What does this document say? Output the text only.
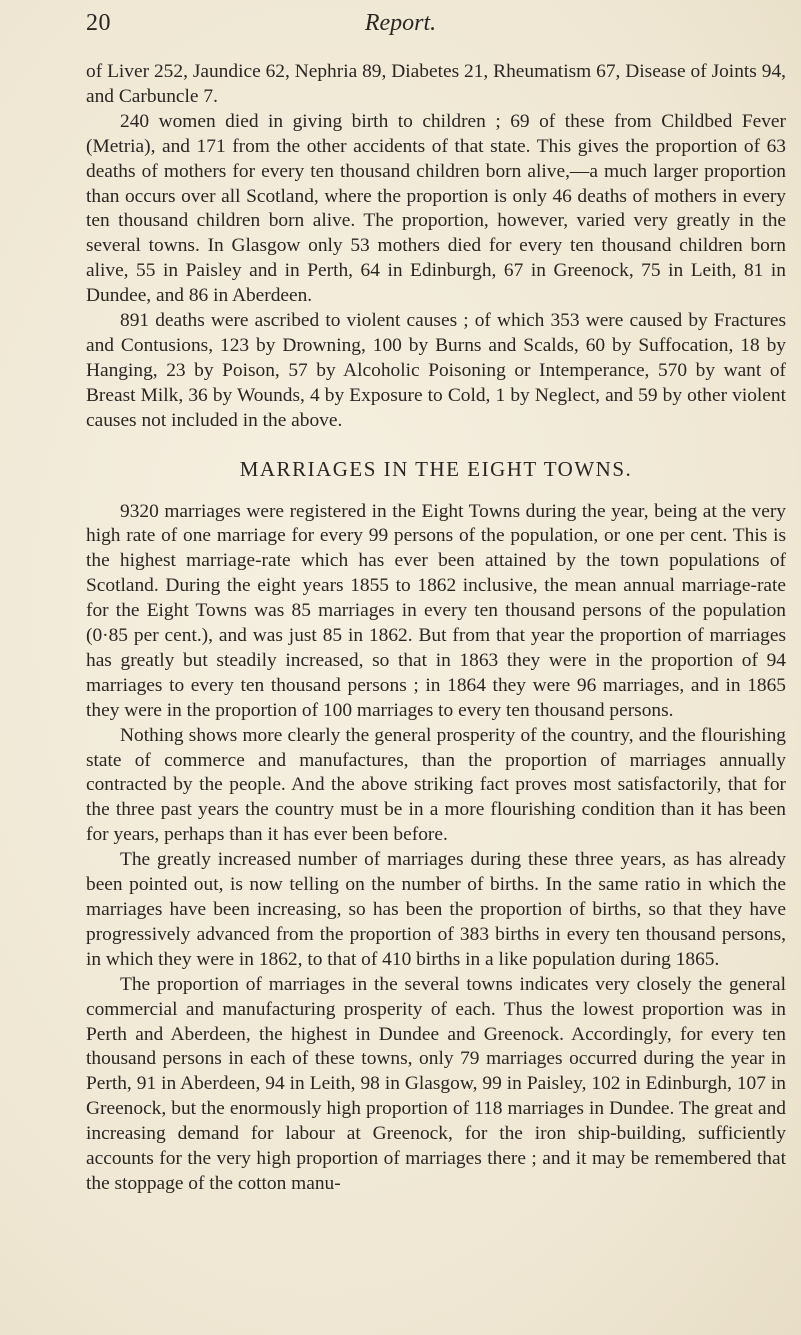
20	Report.

of Liver 252, Jaundice 62, Nephria 89, Diabetes 21, Rheumatism 67, Disease of Joints 94, and Carbuncle 7.

240 women died in giving birth to children ; 69 of these from Childbed Fever (Metria), and 171 from the other accidents of that state. This gives the proportion of 63 deaths of mothers for every ten thousand children born alive,—a much larger proportion than occurs over all Scotland, where the proportion is only 46 deaths of mothers in every ten thousand children born alive. The proportion, however, varied very greatly in the several towns. In Glasgow only 53 mothers died for every ten thousand children born alive, 55 in Paisley and in Perth, 64 in Edinburgh, 67 in Greenock, 75 in Leith, 81 in Dundee, and 86 in Aberdeen.

891 deaths were ascribed to violent causes ; of which 353 were caused by Fractures and Contusions, 123 by Drowning, 100 by Burns and Scalds, 60 by Suffocation, 18 by Hanging, 23 by Poison, 57 by Alcoholic Poisoning or Intemperance, 570 by want of Breast Milk, 36 by Wounds, 4 by Exposure to Cold, 1 by Neglect, and 59 by other violent causes not included in the above.

MARRIAGES IN THE EIGHT TOWNS.

9320 marriages were registered in the Eight Towns during the year, being at the very high rate of one marriage for every 99 persons of the population, or one per cent. This is the highest marriage-rate which has ever been attained by the town populations of Scotland. During the eight years 1855 to 1862 inclusive, the mean annual marriage-rate for the Eight Towns was 85 marriages in every ten thousand persons of the population (0·85 per cent.), and was just 85 in 1862. But from that year the proportion of marriages has greatly but steadily increased, so that in 1863 they were in the proportion of 94 marriages to every ten thousand persons ; in 1864 they were 96 marriages, and in 1865 they were in the proportion of 100 marriages to every ten thousand persons.

Nothing shows more clearly the general prosperity of the country, and the flourishing state of commerce and manufactures, than the proportion of marriages annually contracted by the people. And the above striking fact proves most satisfactorily, that for the three past years the country must be in a more flourishing condition than it has been for years, perhaps than it has ever been before.

The greatly increased number of marriages during these three years, as has already been pointed out, is now telling on the number of births. In the same ratio in which the marriages have been increasing, so has been the proportion of births, so that they have progressively advanced from the proportion of 383 births in every ten thousand persons, in which they were in 1862, to that of 410 births in a like population during 1865.

The proportion of marriages in the several towns indicates very closely the general commercial and manufacturing prosperity of each. Thus the lowest proportion was in Perth and Aberdeen, the highest in Dundee and Greenock. Accordingly, for every ten thousand persons in each of these towns, only 79 marriages occurred during the year in Perth, 91 in Aberdeen, 94 in Leith, 98 in Glasgow, 99 in Paisley, 102 in Edinburgh, 107 in Greenock, but the enormously high proportion of 118 marriages in Dundee. The great and increasing demand for labour at Greenock, for the iron ship-building, sufficiently accounts for the very high proportion of marriages there ; and it may be remembered that the stoppage of the cotton manu-
